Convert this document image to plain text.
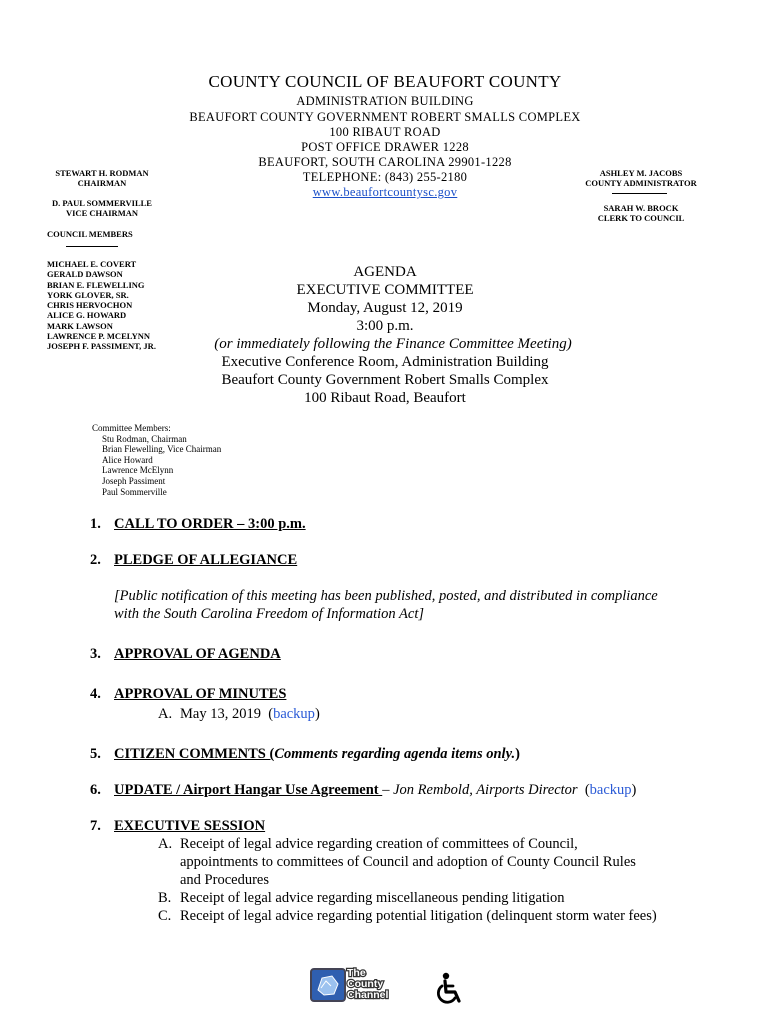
COUNTY COUNCIL OF BEAUFORT COUNTY
ADMINISTRATION BUILDING
BEAUFORT COUNTY GOVERNMENT ROBERT SMALLS COMPLEX
100 RIBAUT ROAD
POST OFFICE DRAWER 1228
BEAUFORT, SOUTH CAROLINA 29901-1228
TELEPHONE: (843) 255-2180
www.beaufortcountysc.gov
STEWART H. RODMAN
CHAIRMAN
D. PAUL SOMMERVILLE
VICE CHAIRMAN
COUNCIL MEMBERS
MICHAEL E. COVERT
GERALD DAWSON
BRIAN E. FLEWELLING
YORK GLOVER, SR.
CHRIS HERVOCHON
ALICE G. HOWARD
MARK LAWSON
LAWRENCE P. MCELYNN
JOSEPH F. PASSIMENT, JR.
ASHLEY M. JACOBS
COUNTY ADMINISTRATOR
SARAH W. BROCK
CLERK TO COUNCIL
AGENDA
EXECUTIVE COMMITTEE
Monday, August 12, 2019
3:00 p.m.
(or immediately following the Finance Committee Meeting)
Executive Conference Room, Administration Building
Beaufort County Government Robert Smalls Complex
100 Ribaut Road, Beaufort
Committee Members:
Stu Rodman, Chairman
Brian Flewelling, Vice Chairman
Alice Howard
Lawrence McElynn
Joseph Passiment
Paul Sommerville
1. CALL TO ORDER – 3:00 p.m.
2. PLEDGE OF ALLEGIANCE
[Public notification of this meeting has been published, posted, and distributed in compliance
with the South Carolina Freedom of Information Act]
3. APPROVAL OF AGENDA
4. APPROVAL OF MINUTES
A. May 13, 2019  (backup)
5. CITIZEN COMMENTS (Comments regarding agenda items only.)
6. UPDATE / Airport Hangar Use Agreement – Jon Rembold, Airports Director  (backup)
7. EXECUTIVE SESSION
A. Receipt of legal advice regarding creation of committees of Council,
appointments to committees of Council and adoption of County Council Rules
and Procedures
B. Receipt of legal advice regarding miscellaneous pending litigation
C. Receipt of legal advice regarding potential litigation (delinquent storm water fees)
The
County
Channel
